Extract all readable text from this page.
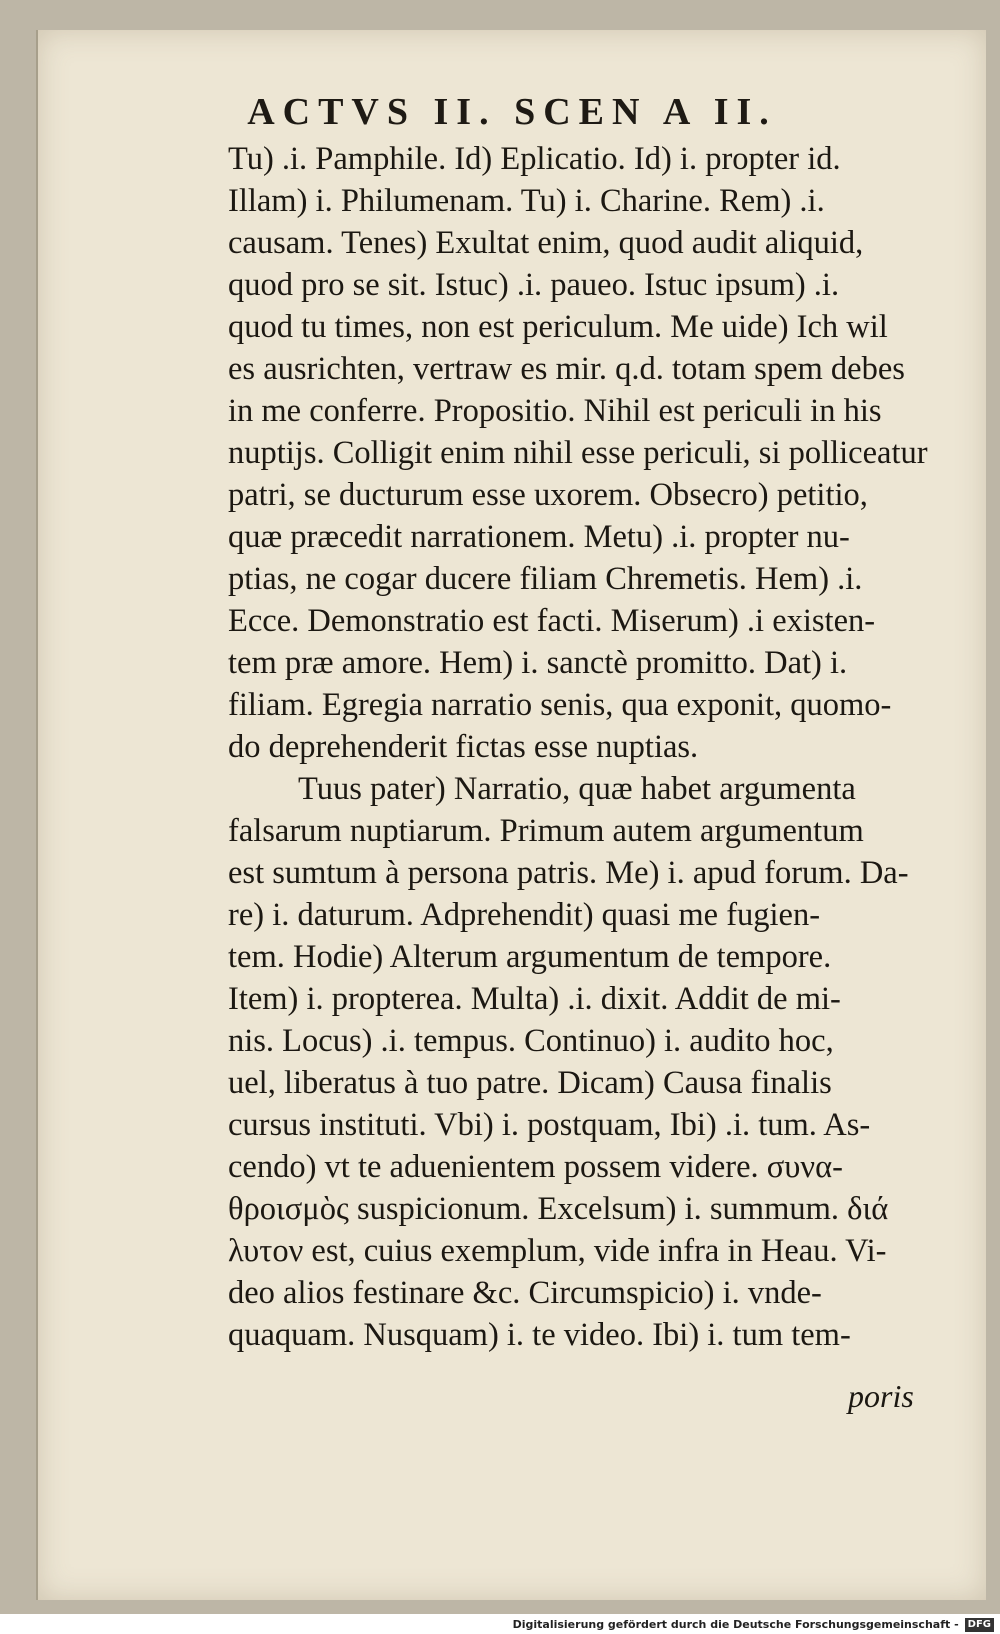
ACTVS II. SCEN A II.
Tu) .i. Pamphile. Id) Eplicatio. Id) i. propter id.
Illam) i. Philumenam. Tu) i. Charine. Rem) .i.
causam. Tenes) Exultat enim, quod audit aliquid,
quod pro se sit. Istuc) .i. paueo. Istuc ipsum) .i.
quod tu times, non est periculum. Me uide) Ich wil
es ausrichten, vertraw es mir. q.d. totam spem debes
in me conferre. Propositio. Nihil est periculi in his
nuptijs. Colligit enim nihil esse periculi, si polliceatur
patri, se ducturum esse uxorem. Obsecro) petitio,
quæ præcedit narrationem. Metu) .i. propter nu-
ptias, ne cogar ducere filiam Chremetis. Hem) .i.
Ecce. Demonstratio est facti. Miserum) .i existen-
tem præ amore. Hem) i. sanctè promitto. Dat) i.
filiam. Egregia narratio senis, qua exponit, quomo-
do deprehenderit fictas esse nuptias.
Tuus pater) Narratio, quæ habet argumenta
falsarum nuptiarum. Primum autem argumentum
est sumtum à persona patris. Me) i. apud forum. Da-
re) i. daturum. Adprehendit) quasi me fugien-
tem. Hodie) Alterum argumentum de tempore.
Item) i. propterea. Multa) .i. dixit. Addit de mi-
nis. Locus) .i. tempus. Continuo) i. audito hoc,
uel, liberatus à tuo patre. Dicam) Causa finalis
cursus instituti. Vbi) i. postquam, Ibi) .i. tum. As-
cendo) vt te aduenientem possem videre. συνα-
θροισμὸς suspicionum. Excelsum) i. summum. διά
λυτον est, cuius exemplum, vide infra in Heau. Vi-
deo alios festinare &c. Circumspicio) i. vnde-
quaquam. Nusquam) i. te video. Ibi) i. tum tem-
poris
Digitalisierung gefördert durch die Deutsche Forschungsgemeinschaft - DFG
